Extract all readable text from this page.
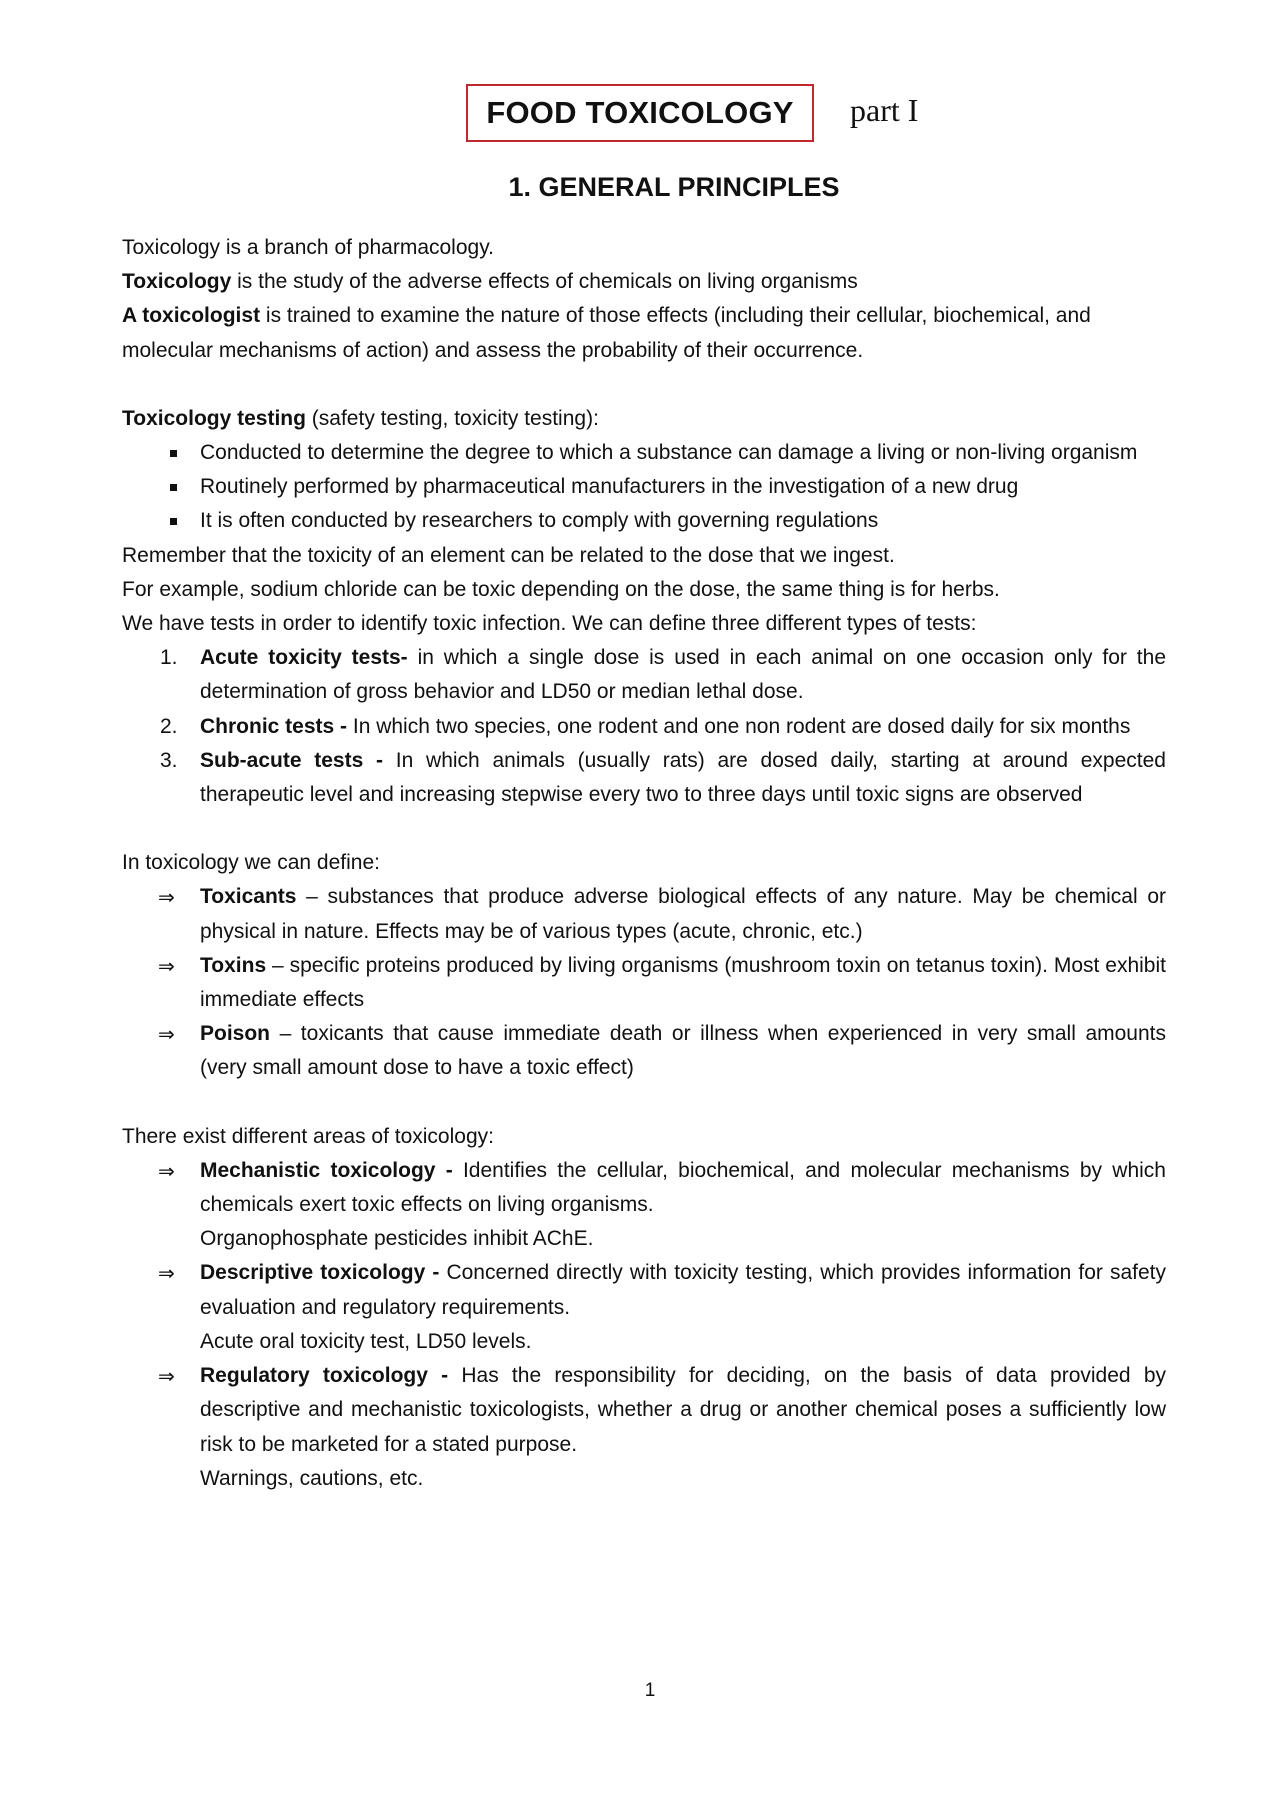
FOOD TOXICOLOGY	part I
1. GENERAL PRINCIPLES

Toxicology is a branch of pharmacology.

Toxicology is the study of the adverse effects of chemicals on living organisms

A toxicologist is trained to examine the nature of those effects (including their cellular, biochemical, and molecular mechanisms of action) and assess the probability of their occurrence.

Toxicology testing (safety testing, toxicity testing):

Conducted to determine the degree to which a substance can damage a living or non-living organism
Routinely performed by pharmaceutical manufacturers in the investigation of a new drug
It is often conducted by researchers to comply with governing regulations

Remember that the toxicity of an element can be related to the dose that we ingest.

For example, sodium chloride can be toxic depending on the dose, the same thing is for herbs.

We have tests in order to identify toxic infection. We can define three different types of tests:

1. Acute toxicity tests- in which a single dose is used in each animal on one occasion only for the determination of gross behavior and LD50 or median lethal dose.
2. Chronic tests - In which two species, one rodent and one non rodent are dosed daily for six months
3. Sub-acute tests - In which animals (usually rats) are dosed daily, starting at around expected therapeutic level and increasing stepwise every two to three days until toxic signs are observed

In toxicology we can define:

⇒ Toxicants – substances that produce adverse biological effects of any nature. May be chemical or physical in nature. Effects may be of various types (acute, chronic, etc.)
⇒ Toxins – specific proteins produced by living organisms (mushroom toxin on tetanus toxin). Most exhibit immediate effects
⇒ Poison – toxicants that cause immediate death or illness when experienced in very small amounts (very small amount dose to have a toxic effect)

There exist different areas of toxicology:

⇒ Mechanistic toxicology - Identifies the cellular, biochemical, and molecular mechanisms by which chemicals exert toxic effects on living organisms.
Organophosphate pesticides inhibit AChE.
⇒ Descriptive toxicology - Concerned directly with toxicity testing, which provides information for safety evaluation and regulatory requirements.
Acute oral toxicity test, LD50 levels.
⇒ Regulatory toxicology - Has the responsibility for deciding, on the basis of data provided by descriptive and mechanistic toxicologists, whether a drug or another chemical poses a sufficiently low risk to be marketed for a stated purpose.
Warnings, cautions, etc.
1
